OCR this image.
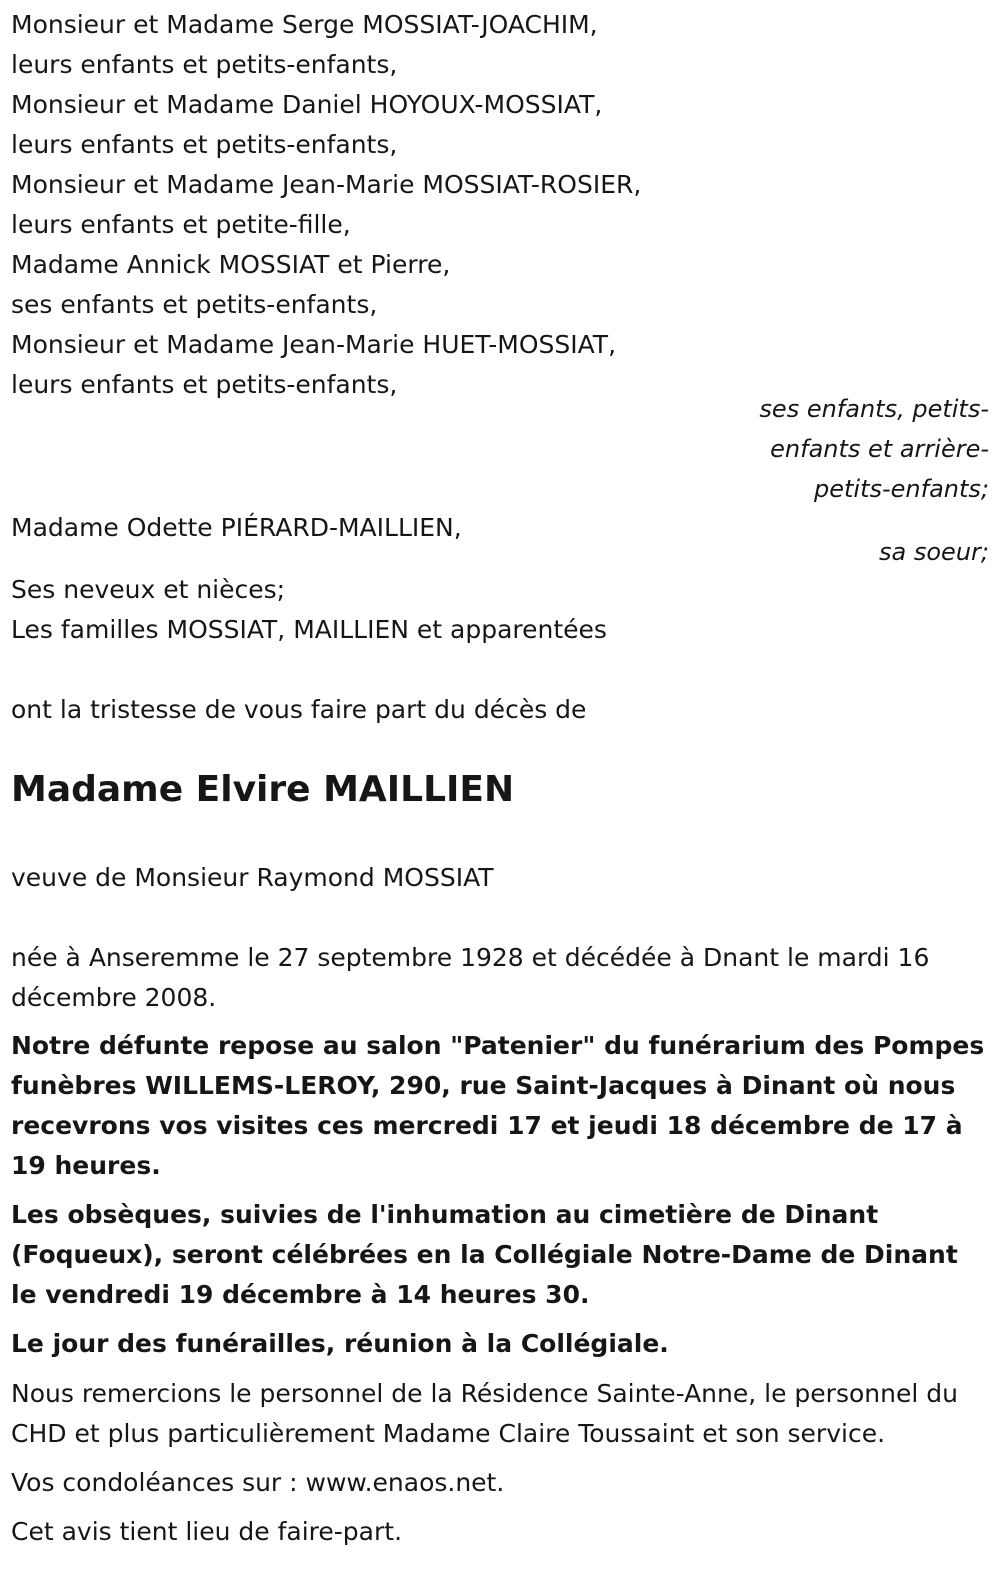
Monsieur et Madame Serge MOSSIAT-JOACHIM,
leurs enfants et petits-enfants,
Monsieur et Madame Daniel HOYOUX-MOSSIAT,
leurs enfants et petits-enfants,
Monsieur et Madame Jean-Marie MOSSIAT-ROSIER,
leurs enfants et petite-fille,
Madame Annick MOSSIAT et Pierre,
ses enfants et petits-enfants,
Monsieur et Madame Jean-Marie HUET-MOSSIAT,
leurs enfants et petits-enfants,
ses enfants, petits-
enfants et arrière-
petits-enfants;
Madame Odette PIÉRARD-MAILLIEN,
sa soeur;
Ses neveux et nièces;
Les familles MOSSIAT, MAILLIEN et apparentées
ont la tristesse de vous faire part du décès de
Madame Elvire MAILLIEN
veuve de Monsieur Raymond MOSSIAT
née à Anseremme le 27 septembre 1928 et décédée à Dnant le mardi 16 décembre 2008.
Notre défunte repose au salon "Patenier" du funérarium des Pompes funèbres WILLEMS-LEROY, 290, rue Saint-Jacques à Dinant où nous recevrons vos visites ces mercredi 17 et jeudi 18 décembre de 17 à 19 heures.
Les obsèques, suivies de l'inhumation au cimetière de Dinant (Foqueux), seront célébrées en la Collégiale Notre-Dame de Dinant le vendredi 19 décembre à 14 heures 30.
Le jour des funérailles, réunion à la Collégiale.
Nous remercions le personnel de la Résidence Sainte-Anne, le personnel du CHD et plus particulièrement Madame Claire Toussaint et son service.
Vos condoléances sur : www.enaos.net.
Cet avis tient lieu de faire-part.
